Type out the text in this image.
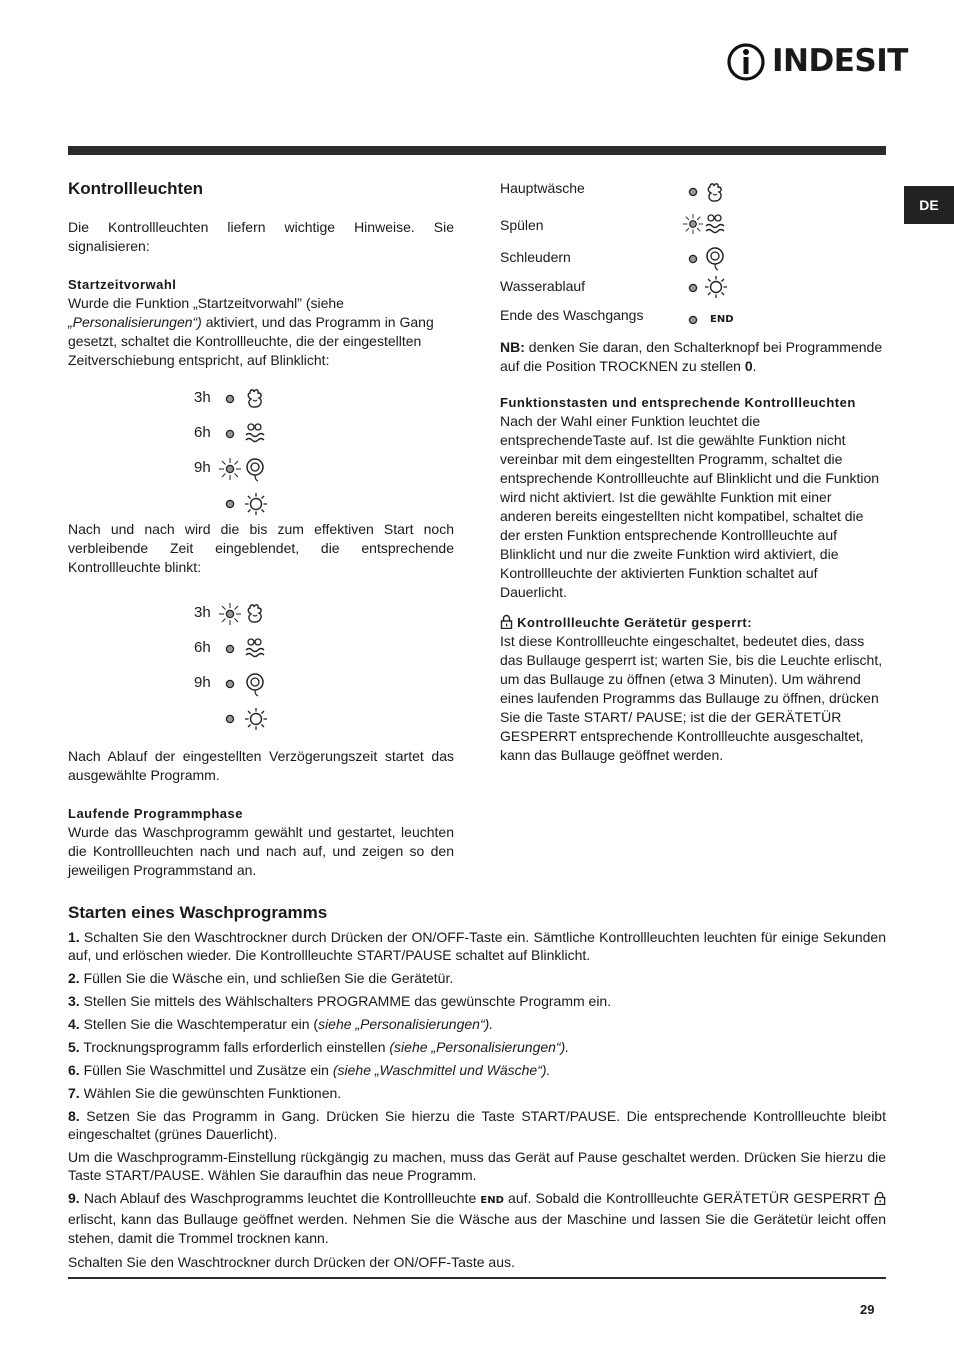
INDESIT
DE
Kontrollleuchten

Die Kontrollleuchten liefern wichtige Hinweise. Sie signalisieren:

Startzeitvorwahl

Wurde die Funktion „Startzeitvorwahl” (siehe „Personalisierungen“) aktiviert, und das Programm in Gang gesetzt, schaltet die Kontrollleuchte, die der eingestellten Zeitverschiebung entspricht, auf Blinklicht:

3h
6h
9h

Nach und nach wird die bis zum effektiven Start noch verbleibende Zeit eingeblendet, die entsprechende Kontrollleuchte blinkt:

3h
6h
9h

Nach Ablauf der eingestellten Verzögerungszeit startet das ausgewählte Programm.

Laufende Programmphase

Wurde das Waschprogramm gewählt und gestartet, leuchten die Kontrollleuchten nach und nach auf, und zeigen so den jeweiligen Programmstand an.

Hauptwäsche
Spülen
Schleudern
Wasserablauf
Ende des Waschgangs	END

NB: denken Sie daran, den Schalterknopf bei Programmende auf die Position TROCKNEN zu stellen 0.

Funktionstasten und entsprechende Kontrollleuchten

Nach der Wahl einer Funktion leuchtet die entsprechendeTaste auf. Ist die gewählte Funktion nicht vereinbar mit dem eingestellten Programm, schaltet die entsprechende Kontrollleuchte auf Blinklicht und die Funktion wird nicht aktiviert. Ist die gewählte Funktion mit einer anderen bereits eingestellten nicht kompatibel, schaltet die der ersten Funktion entsprechende Kontrollleuchte auf Blinklicht und nur die zweite Funktion wird aktiviert, die Kontrollleuchte der aktivierten Funktion schaltet auf Dauerlicht.

Kontrollleuchte Gerätetür gesperrt:

Ist diese Kontrollleuchte eingeschaltet, bedeutet dies, dass das Bullauge gesperrt ist; warten Sie, bis die Leuchte erlischt, um das Bullauge zu öffnen (etwa 3 Minuten). Um während eines laufenden Programms das Bullauge zu öffnen, drücken Sie die Taste START/ PAUSE; ist die der GERÄTETÜR GESPERRT entsprechende Kontrollleuchte ausgeschaltet, kann das Bullauge geöffnet werden.

Starten eines Waschprogramms

1. Schalten Sie den Waschtrockner durch Drücken der ON/OFF-Taste ein. Sämtliche Kontrollleuchten leuchten für einige Sekunden auf, und erlöschen wieder. Die Kontrollleuchte START/PAUSE schaltet auf Blinklicht.

2. Füllen Sie die Wäsche ein, und schließen Sie die Gerätetür.

3. Stellen Sie mittels des Wählschalters PROGRAMME das gewünschte Programm ein.

4. Stellen Sie die Waschtemperatur ein (siehe „Personalisierungen“).

5. Trocknungsprogramm falls erforderlich einstellen (siehe „Personalisierungen“).

6. Füllen Sie Waschmittel und Zusätze ein (siehe „Waschmittel und Wäsche“).

7. Wählen Sie die gewünschten Funktionen.

8. Setzen Sie das Programm in Gang. Drücken Sie hierzu die Taste START/PAUSE. Die entsprechende Kontrollleuchte bleibt eingeschaltet (grünes Dauerlicht).

Um die Waschprogramm-Einstellung rückgängig zu machen, muss das Gerät auf Pause geschaltet werden. Drücken Sie hierzu die Taste START/PAUSE. Wählen Sie daraufhin das neue Programm.

9. Nach Ablauf des Waschprogramms leuchtet die Kontrollleuchte END auf. Sobald die Kontrollleuchte GERÄTETÜR GESPERRT  erlischt, kann das Bullauge geöffnet werden. Nehmen Sie die Wäsche aus der Maschine und lassen Sie die Gerätetür leicht offen stehen, damit die Trommel trocknen kann.

Schalten Sie den Waschtrockner durch Drücken der ON/OFF-Taste aus.

29
